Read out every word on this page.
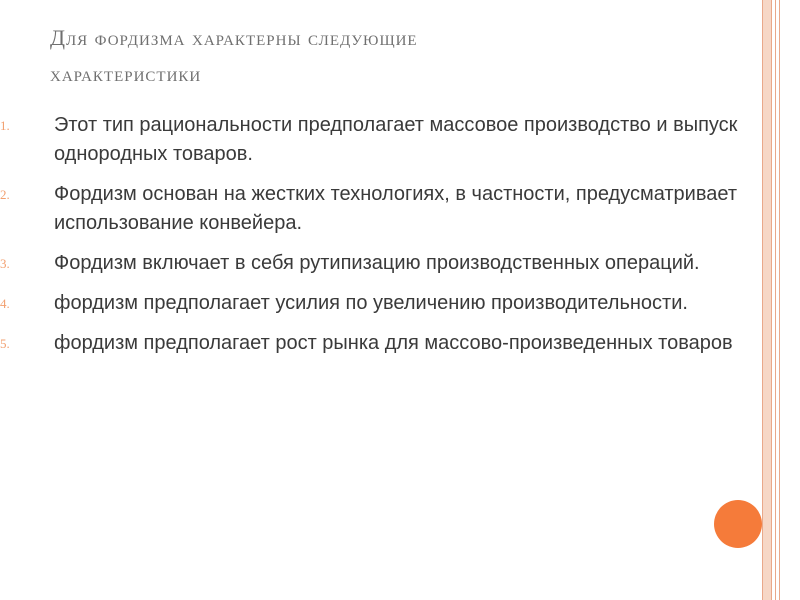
Для фордизма характерны следующие
характеристики
1. Этот тип рациональности предполагает массовое производство и выпуск однородных товаров.
2. Фордизм основан на жестких технологиях, в частности, предусматривает использование конвейера.
3. Фордизм включает в себя рутипизацию производственных операций.
4. фордизм предполагает усилия по увеличению производительности.
5. фордизм предполагает рост рынка для массово-произведенных товаров
